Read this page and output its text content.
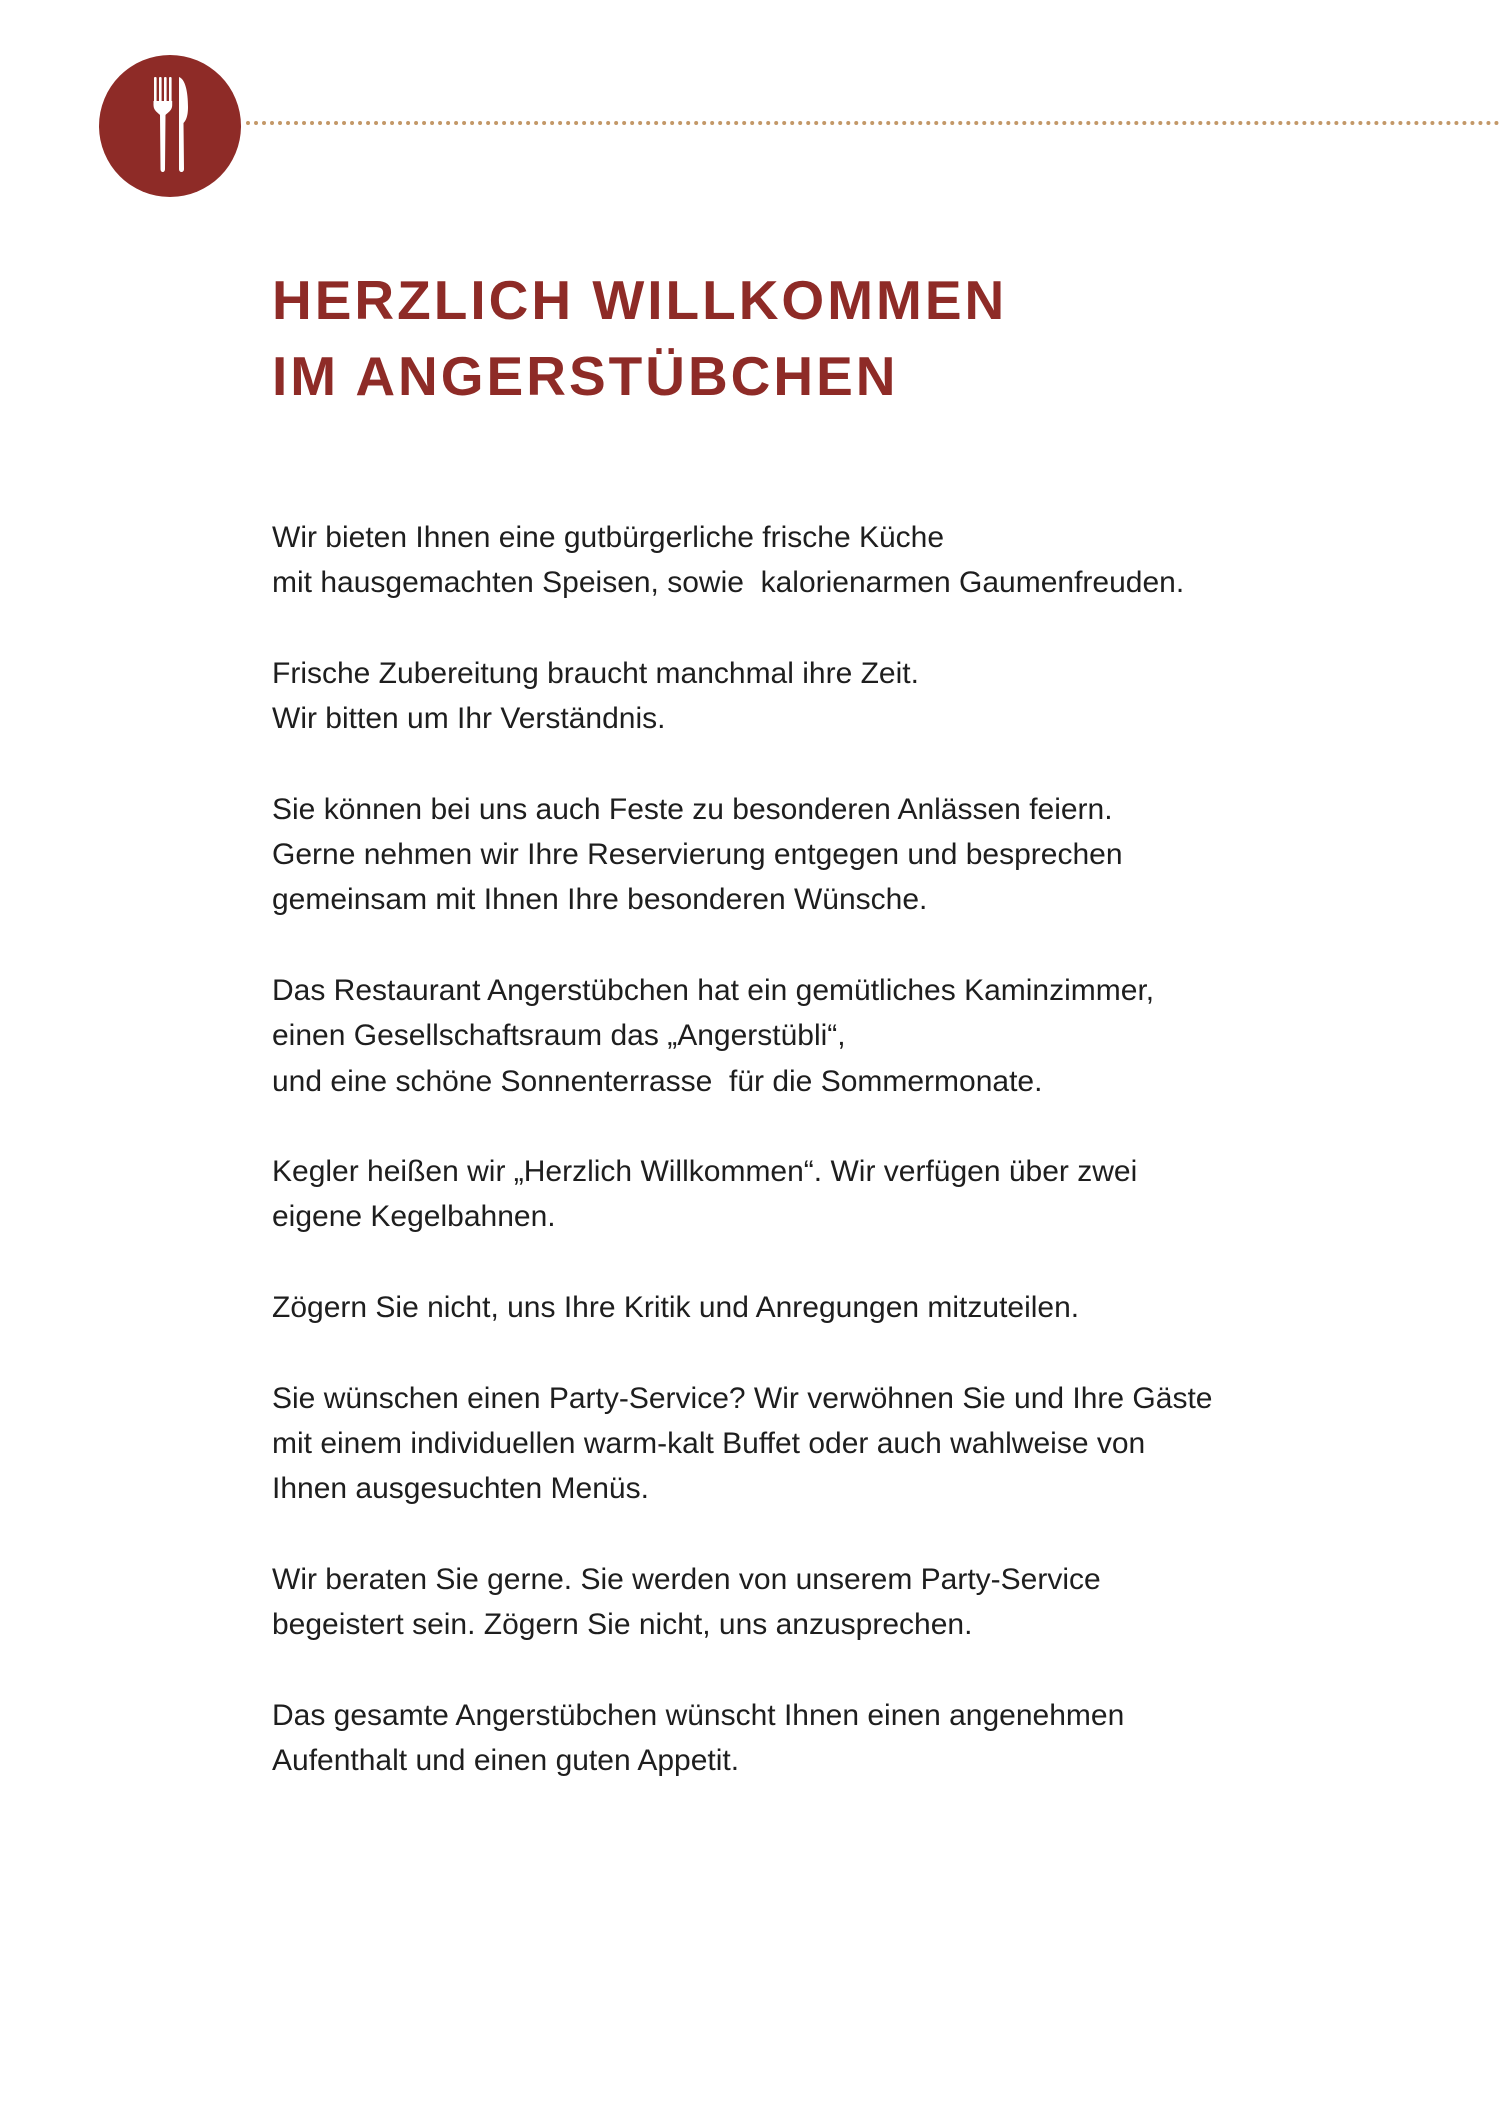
HERZLICH WILLKOMMEN
IM ANGERSTÜBCHEN

Wir bieten Ihnen eine gutbürgerliche frische Küche
mit hausgemachten Speisen, sowie  kalorienarmen Gaumenfreuden.

Frische Zubereitung braucht manchmal ihre Zeit.
Wir bitten um Ihr Verständnis.

Sie können bei uns auch Feste zu besonderen Anlässen feiern.
Gerne nehmen wir Ihre Reservierung entgegen und besprechen
gemeinsam mit Ihnen Ihre besonderen Wünsche.

Das Restaurant Angerstübchen hat ein gemütliches Kaminzimmer,
einen Gesellschaftsraum das „Angerstübli“,
und eine schöne Sonnenterrasse  für die Sommermonate.

Kegler heißen wir „Herzlich Willkommen“. Wir verfügen über zwei
eigene Kegelbahnen.

Zögern Sie nicht, uns Ihre Kritik und Anregungen mitzuteilen.

Sie wünschen einen Party-Service? Wir verwöhnen Sie und Ihre Gäste
mit einem individuellen warm-kalt Buffet oder auch wahlweise von
Ihnen ausgesuchten Menüs.

Wir beraten Sie gerne. Sie werden von unserem Party-Service
begeistert sein. Zögern Sie nicht, uns anzusprechen.

Das gesamte Angerstübchen wünscht Ihnen einen angenehmen
Aufenthalt und einen guten Appetit.
